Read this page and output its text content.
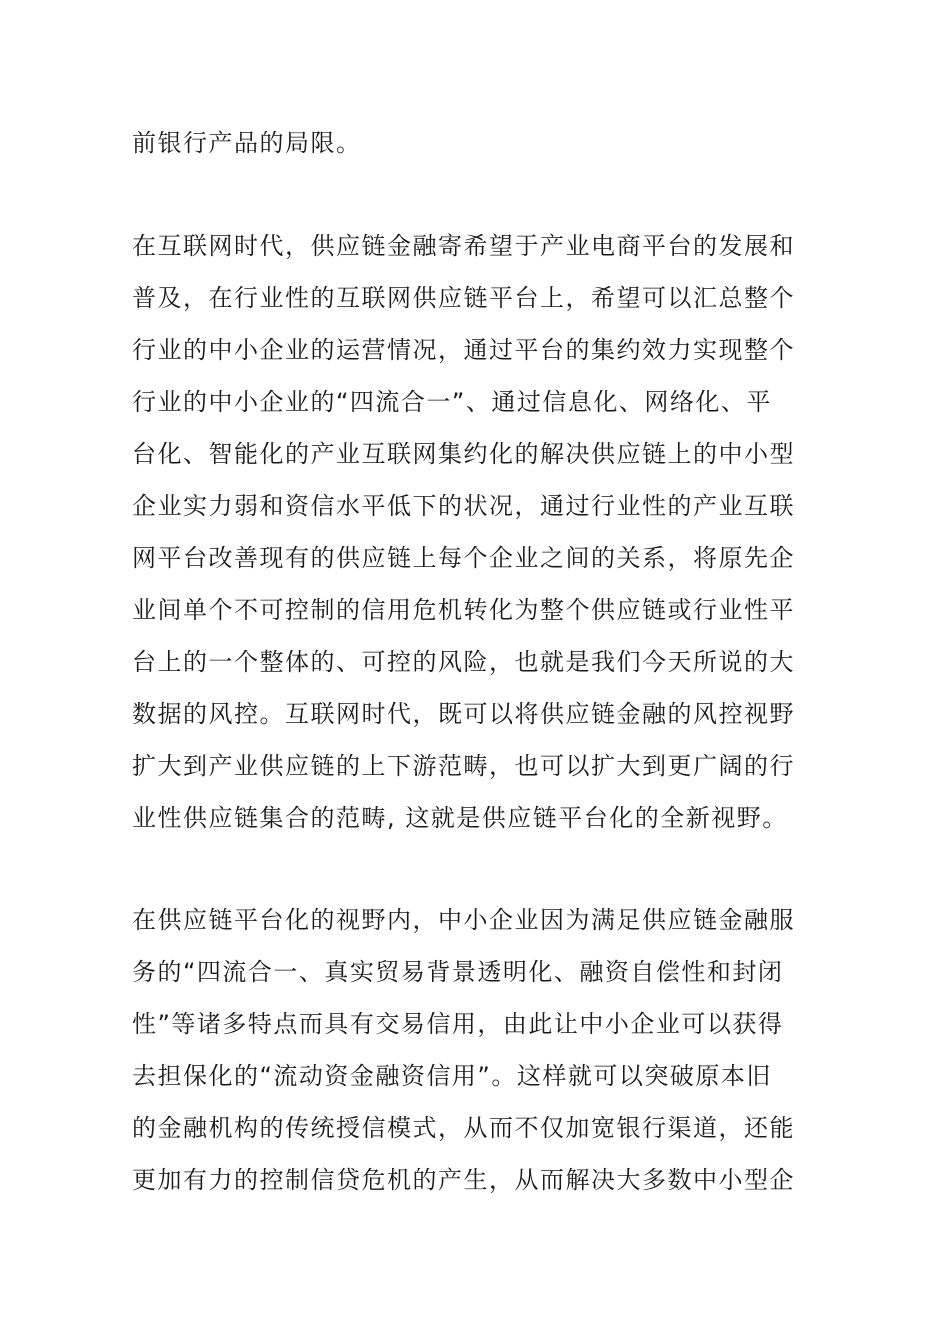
前银行产品的局限。
在互联网时代，供应链金融寄希望于产业电商平台的发展和
普及，在行业性的互联网供应链平台上，希望可以汇总整个
行业的中小企业的运营情况，通过平台的集约效力实现整个
行业的中小企业的“四流合一”、通过信息化、网络化、平
台化、智能化的产业互联网集约化的解决供应链上的中小型
企业实力弱和资信水平低下的状况，通过行业性的产业互联
网平台改善现有的供应链上每个企业之间的关系，将原先企
业间单个不可控制的信用危机转化为整个供应链或行业性平
台上的一个整体的、可控的风险，也就是我们今天所说的大
数据的风控。互联网时代，既可以将供应链金融的风控视野
扩大到产业供应链的上下游范畴，也可以扩大到更广阔的行
业性供应链集合的范畴, 这就是供应链平台化的全新视野。
在供应链平台化的视野内，中小企业因为满足供应链金融服
务的“四流合一、真实贸易背景透明化、融资自偿性和封闭
性”等诸多特点而具有交易信用，由此让中小企业可以获得
去担保化的“流动资金融资信用”。这样就可以突破原本旧
的金融机构的传统授信模式，从而不仅加宽银行渠道，还能
更加有力的控制信贷危机的产生，从而解决大多数中小型企
